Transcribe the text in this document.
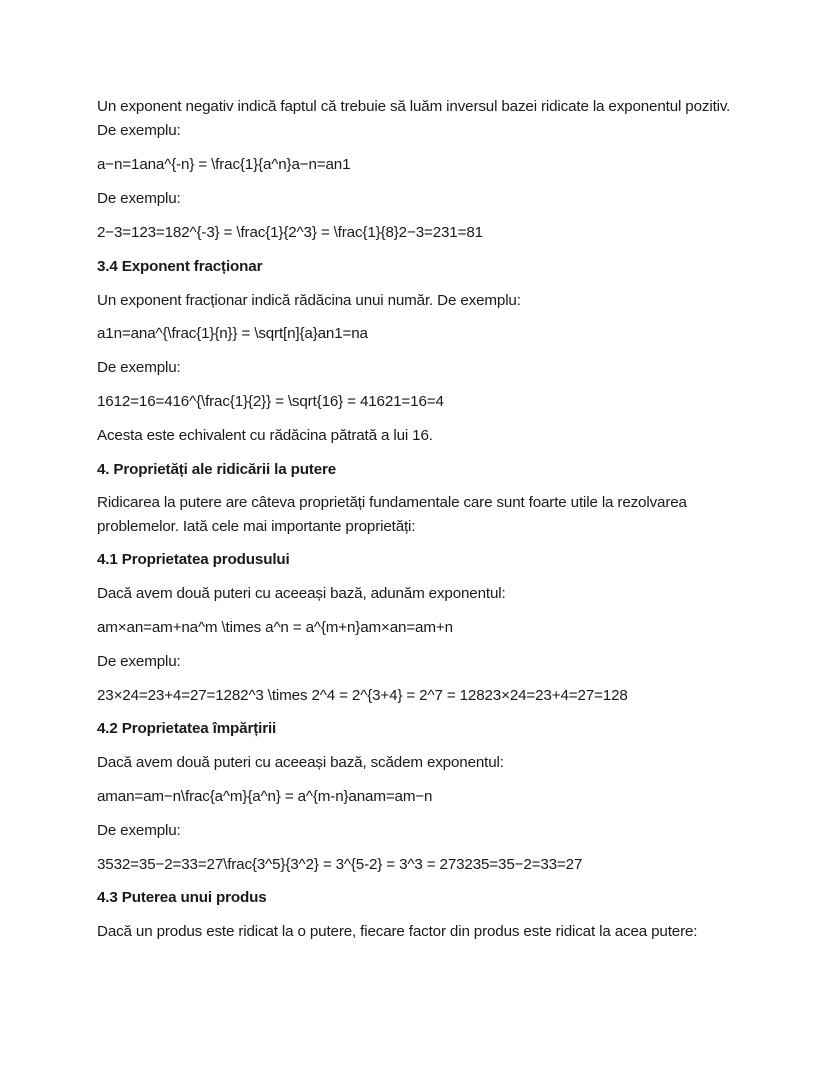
Un exponent negativ indică faptul că trebuie să luăm inversul bazei ridicate la exponentul pozitiv. De exemplu:
a−n=1ana^{-n} = \frac{1}{a^n}a−n=an1
De exemplu:
2−3=123=182^{-3} = \frac{1}{2^3} = \frac{1}{8}2−3=231=81
3.4 Exponent fracționar
Un exponent fracționar indică rădăcina unui număr. De exemplu:
a1n=ana^{\frac{1}{n}} = \sqrt[n]{a}an1=na
De exemplu:
1612=16=416^{\frac{1}{2}} = \sqrt{16} = 41621=16=4
Acesta este echivalent cu rădăcina pătrată a lui 16.
4. Proprietăți ale ridicării la putere
Ridicarea la putere are câteva proprietăți fundamentale care sunt foarte utile la rezolvarea problemelor. Iată cele mai importante proprietăți:
4.1 Proprietatea produsului
Dacă avem două puteri cu aceeași bază, adunăm exponentul:
am×an=am+na^m \times a^n = a^{m+n}am×an=am+n
De exemplu:
23×24=23+4=27=1282^3 \times 2^4 = 2^{3+4} = 2^7 = 12823×24=23+4=27=128
4.2 Proprietatea împărțirii
Dacă avem două puteri cu aceeași bază, scădem exponentul:
aman=am−n\frac{a^m}{a^n} = a^{m-n}anam=am−n
De exemplu:
3532=35−2=33=27\frac{3^5}{3^2} = 3^{5-2} = 3^3 = 273235=35−2=33=27
4.3 Puterea unui produs
Dacă un produs este ridicat la o putere, fiecare factor din produs este ridicat la acea putere:
